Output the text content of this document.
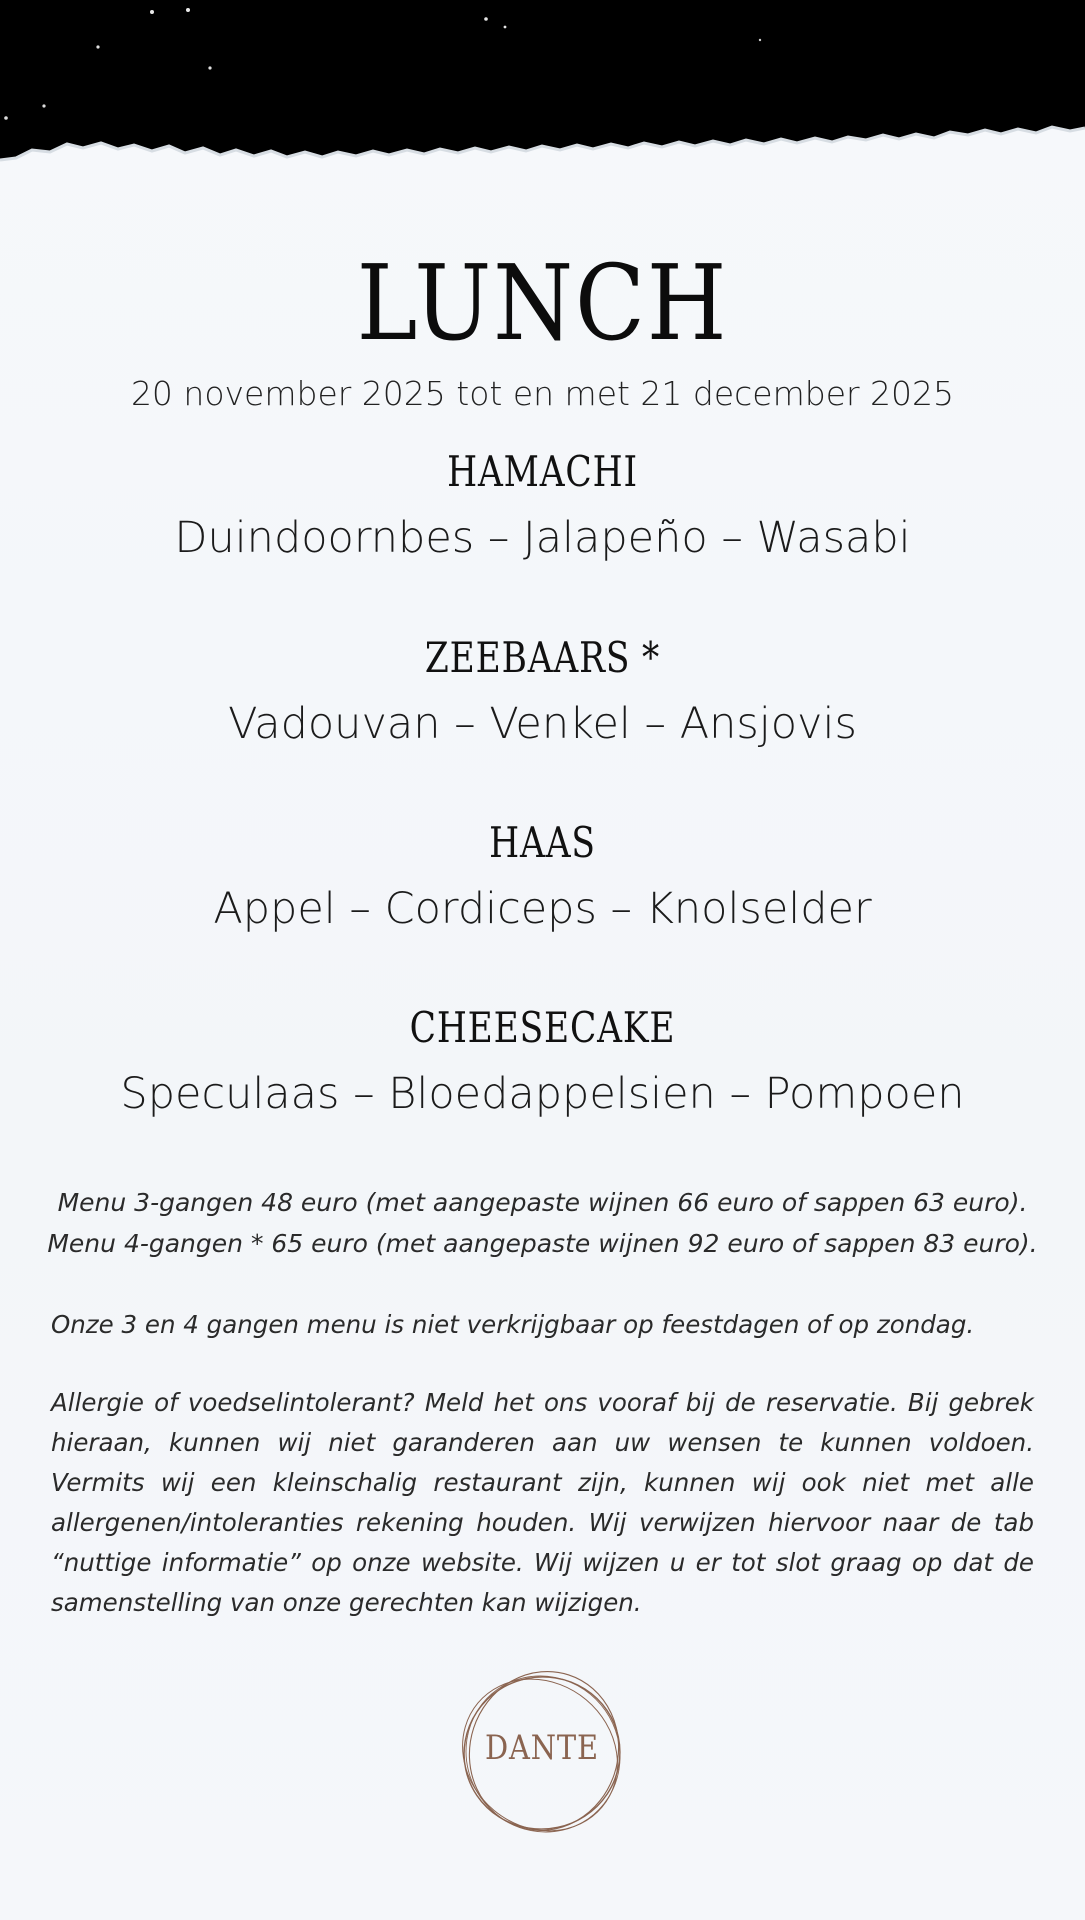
LUNCH
20 november 2025 tot en met 21 december 2025
HAMACHI
Duindoornbes – Jalapeño – Wasabi
ZEEBAARS *
Vadouvan – Venkel – Ansjovis
HAAS
Appel – Cordiceps – Knolselder
CHEESECAKE
Speculaas – Bloedappelsien – Pompoen
Menu 3-gangen 48 euro (met aangepaste wijnen 66 euro of sappen 63 euro).
Menu 4-gangen * 65 euro (met aangepaste wijnen 92 euro of sappen 83 euro).

Onze 3 en 4 gangen menu is niet verkrijgbaar op feestdagen of op zondag.

Allergie of voedselintolerant? Meld het ons vooraf bij de reservatie. Bij gebrek hieraan, kunnen wij niet garanderen aan uw wensen te kunnen voldoen. Vermits wij een kleinschalig restaurant zijn, kunnen wij ook niet met alle allergenen/intoleranties rekening houden. Wij verwijzen hiervoor naar de tab “nuttige informatie” op onze website. Wij wijzen u er tot slot graag op dat de samenstelling van onze gerechten kan wijzigen.

DANTE
